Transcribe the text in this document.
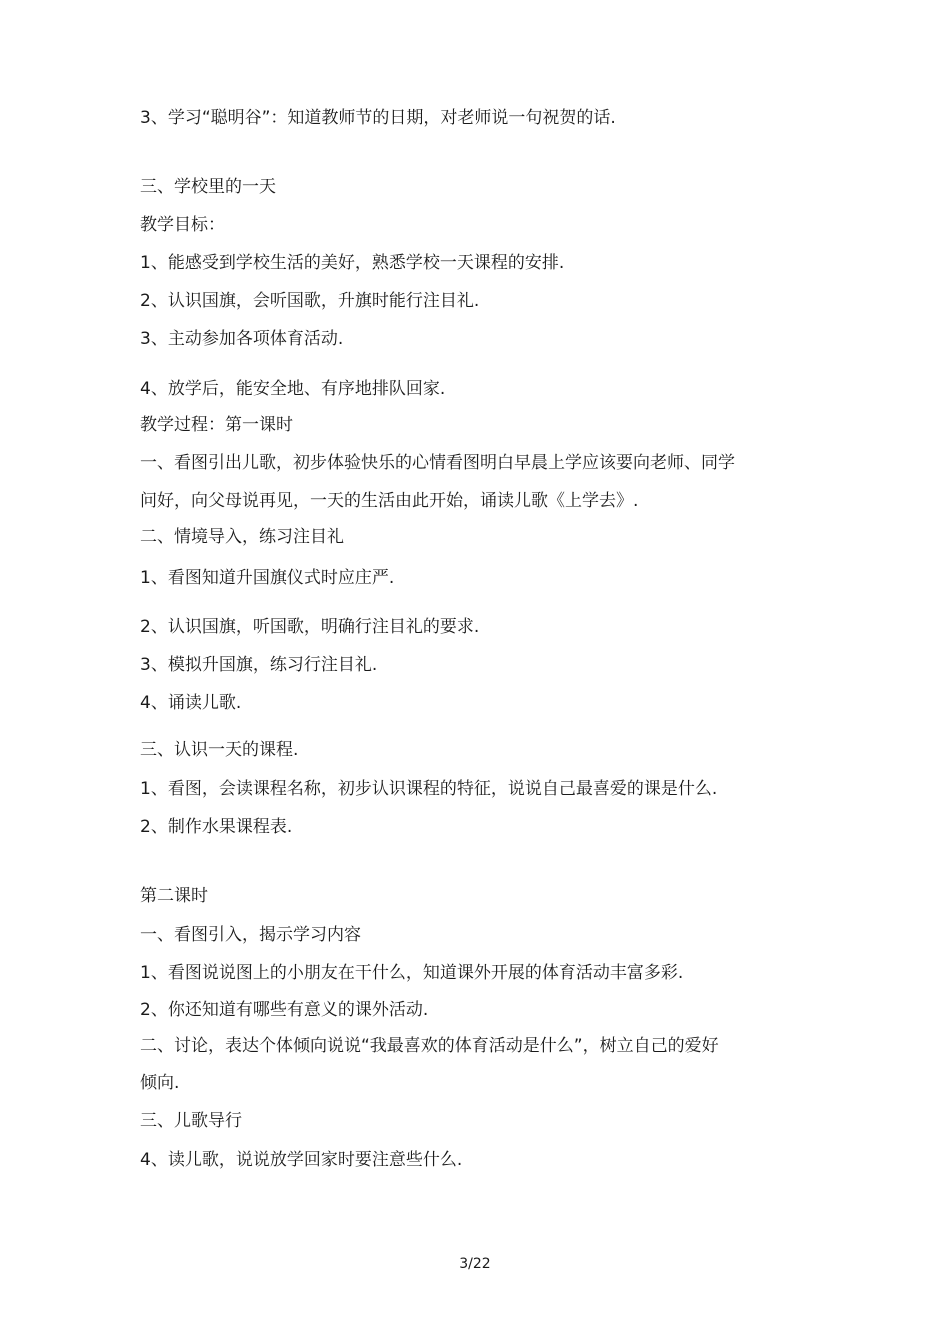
3、学习“聪明谷”：知道教师节的日期，对老师说一句祝贺的话.
三、学校里的一天
教学目标：
1、能感受到学校生活的美好，熟悉学校一天课程的安排.
2、认识国旗，会听国歌，升旗时能行注目礼.
3、主动参加各项体育活动.
4、放学后，能安全地、有序地排队回家.
教学过程：第一课时
一、看图引出儿歌，初步体验快乐的心情看图明白早晨上学应该要向老师、同学
问好，向父母说再见，一天的生活由此开始，诵读儿歌《上学去》.
二、情境导入，练习注目礼
1、看图知道升国旗仪式时应庄严.
2、认识国旗，听国歌，明确行注目礼的要求.
3、模拟升国旗，练习行注目礼.
4、诵读儿歌.
三、认识一天的课程.
1、看图，会读课程名称，初步认识课程的特征，说说自己最喜爱的课是什么.
2、制作水果课程表.
第二课时
一、看图引入，揭示学习内容
1、看图说说图上的小朋友在干什么，知道课外开展的体育活动丰富多彩.
2、你还知道有哪些有意义的课外活动.
二、讨论，表达个体倾向说说“我最喜欢的体育活动是什么”，树立自己的爱好
倾向.
三、儿歌导行
4、读儿歌，说说放学回家时要注意些什么.
3/22
